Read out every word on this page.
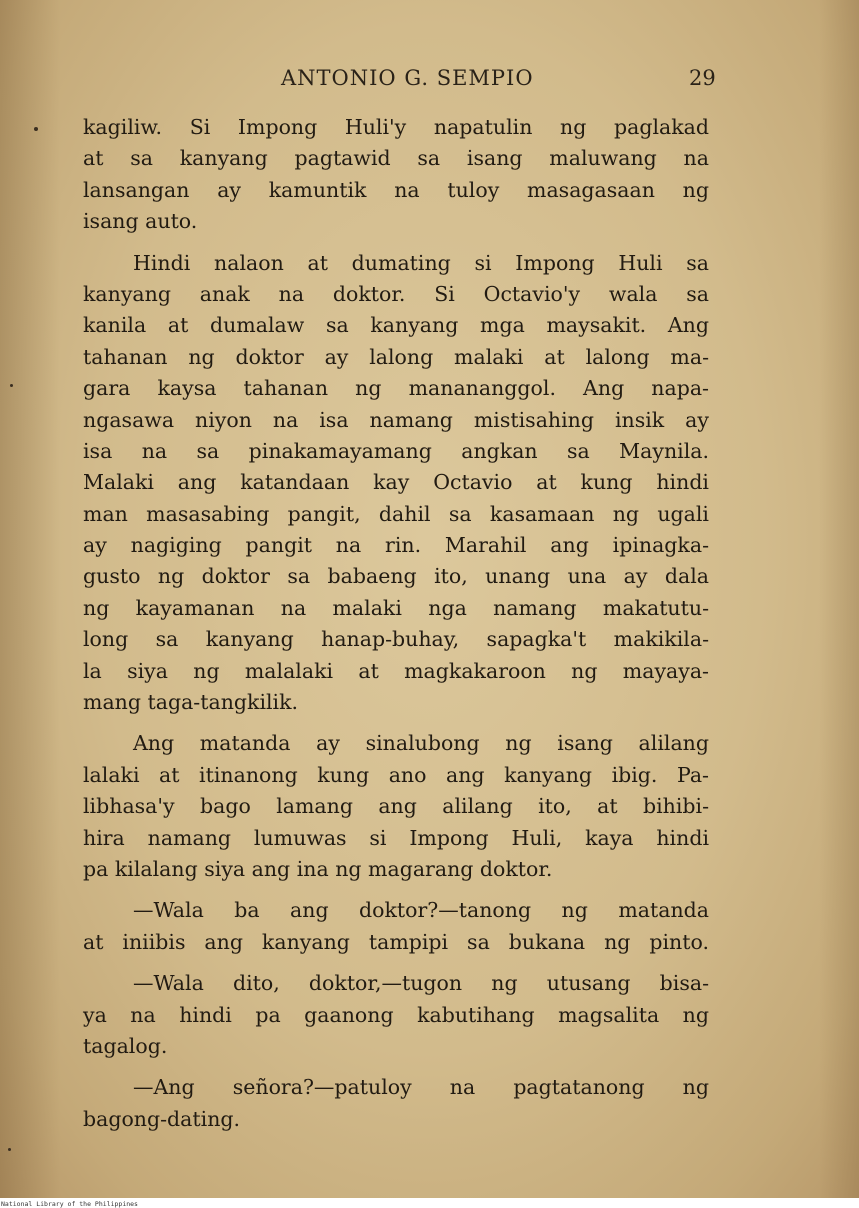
ANTONIO G. SEMPIO	29
kagiliw. Si Impong Huli'y napatulin ng paglakad
at sa kanyang pagtawid sa isang maluwang na
lansangan ay kamuntik na tuloy masagasaan ng
isang auto.
Hindi nalaon at dumating si Impong Huli sa
kanyang anak na doktor. Si Octavio'y wala sa
kanila at dumalaw sa kanyang mga maysakit. Ang
tahanan ng doktor ay lalong malaki at lalong ma-
gara kaysa tahanan ng manananggol. Ang napa-
ngasawa niyon na isa namang mistisahing insik ay
isa na sa pinakamayamang angkan sa Maynila.
Malaki ang katandaan kay Octavio at kung hindi
man masasabing pangit, dahil sa kasamaan ng ugali
ay nagiging pangit na rin. Marahil ang ipinagka-
gusto ng doktor sa babaeng ito, unang una ay dala
ng kayamanan na malaki nga namang makatutu-
long sa kanyang hanap-buhay, sapagka't makikila-
la siya ng malalaki at magkakaroon ng mayaya-
mang taga-tangkilik.
Ang matanda ay sinalubong ng isang alilang
lalaki at itinanong kung ano ang kanyang ibig. Pa-
libhasa'y bago lamang ang alilang ito, at bihibi-
hira namang lumuwas si Impong Huli, kaya hindi
pa kilalang siya ang ina ng magarang doktor.
—Wala ba ang doktor?—tanong ng matanda
at iniibis ang kanyang tampipi sa bukana ng pinto.
—Wala dito, doktor,—tugon ng utusang bisa-
ya na hindi pa gaanong kabutihang magsalita ng
tagalog.
—Ang señora?—patuloy na pagtatanong ng
bagong-dating.
National Library of the Philippines
